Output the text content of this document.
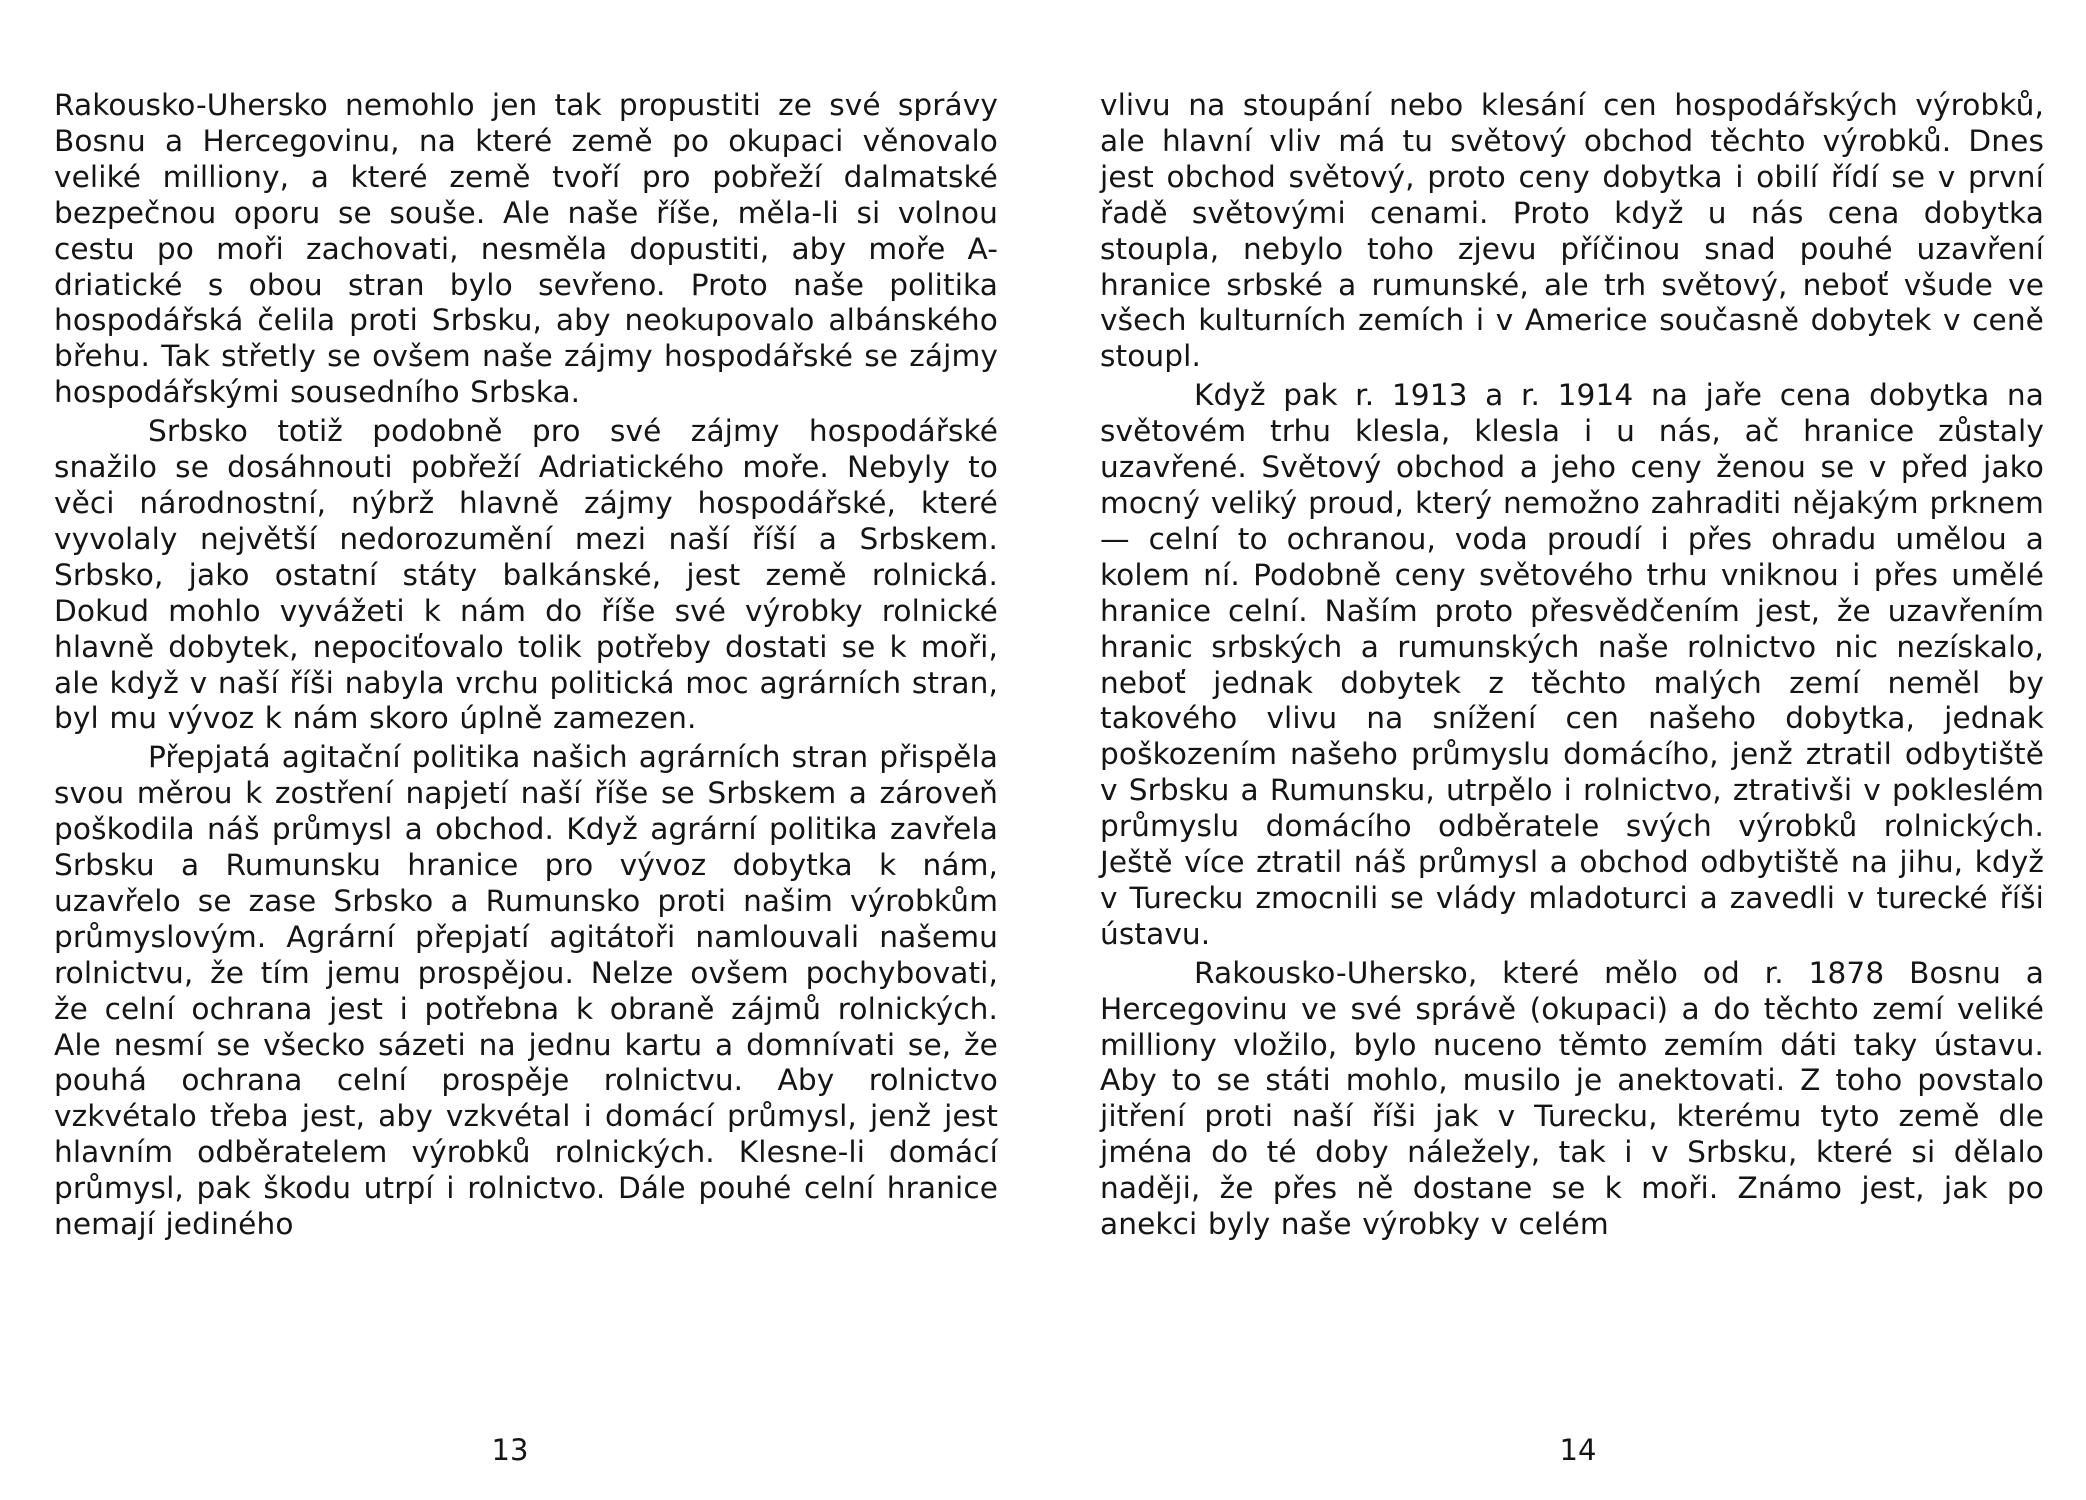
Rakousko-Uhersko nemohlo jen tak propustiti ze své správy Bosnu a Hercegovinu, na které země po okupaci věnovalo veliké milliony, a které země tvoří pro pobřeží dalmatské bezpečnou oporu se souše. Ale naše říše, měla-li si volnou cestu po moři zachovati, nesměla dopustiti, aby moře A-driatické s obou stran bylo sevřeno. Proto naše politika hospodářská čelila proti Srbsku, aby neokupovalo albánského břehu. Tak střetly se ovšem naše zájmy hospodářské se zájmy hospodářskými sousedního Srbska.

Srbsko totiž podobně pro své zájmy hospodářské snažilo se dosáhnouti pobřeží Adriatického moře. Nebyly to věci národnostní, nýbrž hlavně zájmy hospodářské, které vyvolaly největší nedorozumění mezi naší říší a Srbskem. Srbsko, jako ostatní státy balkánské, jest země rolnická. Dokud mohlo vyvážeti k nám do říše své výrobky rolnické hlavně dobytek, nepociťovalo tolik potřeby dostati se k moři, ale když v naší říši nabyla vrchu politická moc agrárních stran, byl mu vývoz k nám skoro úplně zamezen.

Přepjatá agitační politika našich agrárních stran přispěla svou měrou k zostření napjetí naší říše se Srbskem a zároveň poškodila náš průmysl a obchod. Když agrární politika zavřela Srbsku a Rumunsku hranice pro vývoz dobytka k nám, uzavřelo se zase Srbsko a Rumunsko proti našim výrobkům průmyslovým. Agrární přepjatí agitátoři namlouvali našemu rolnictvu, že tím jemu prospějou. Nelze ovšem pochybovati, že celní ochrana jest i potřebna k obraně zájmů rolnických. Ale nesmí se všecko sázeti na jednu kartu a domnívati se, že pouhá ochrana celní prospěje rolnictvu. Aby rolnictvo vzkvétalo třeba jest, aby vzkvétal i domácí průmysl, jenž jest hlavním odběratelem výrobků rolnických. Klesne-li domácí průmysl, pak škodu utrpí i rolnictvo. Dále pouhé celní hranice nemají jediného

vlivu na stoupání nebo klesání cen hospodářských výrobků, ale hlavní vliv má tu světový obchod těchto výrobků. Dnes jest obchod světový, proto ceny dobytka i obilí řídí se v první řadě světovými cenami. Proto když u nás cena dobytka stoupla, nebylo toho zjevu příčinou snad pouhé uzavření hranice srbské a rumunské, ale trh světový, neboť všude ve všech kulturních zemích i v Americe současně dobytek v ceně stoupl.

Když pak r. 1913 a r. 1914 na jaře cena dobytka na světovém trhu klesla, klesla i u nás, ač hranice zůstaly uzavřené. Světový obchod a jeho ceny ženou se v před jako mocný veliký proud, který nemožno zahraditi nějakým prknem — celní to ochranou, voda proudí i přes ohradu umělou a kolem ní. Podobně ceny světového trhu vniknou i přes umělé hranice celní. Naším proto přesvědčením jest, že uzavřením hranic srbských a rumunských naše rolnictvo nic nezískalo, neboť jednak dobytek z těchto malých zemí neměl by takového vlivu na snížení cen našeho dobytka, jednak poškozením našeho průmyslu domácího, jenž ztratil odbytiště v Srbsku a Rumunsku, utrpělo i rolnictvo, ztrativši v pokleslém průmyslu domácího odběratele svých výrobků rolnických. Ještě více ztratil náš průmysl a obchod odbytiště na jihu, když v Turecku zmocnili se vlády mladoturci a zavedli v turecké říši ústavu.

Rakousko-Uhersko, které mělo od r. 1878 Bosnu a Hercegovinu ve své správě (okupaci) a do těchto zemí veliké milliony vložilo, bylo nuceno těmto zemím dáti taky ústavu. Aby to se státi mohlo, musilo je anektovati. Z toho povstalo jitření proti naší říši jak v Turecku, kterému tyto země dle jména do té doby náležely, tak i v Srbsku, které si dělalo naději, že přes ně dostane se k moři. Známo jest, jak po anekci byly naše výrobky v celém

13	14
